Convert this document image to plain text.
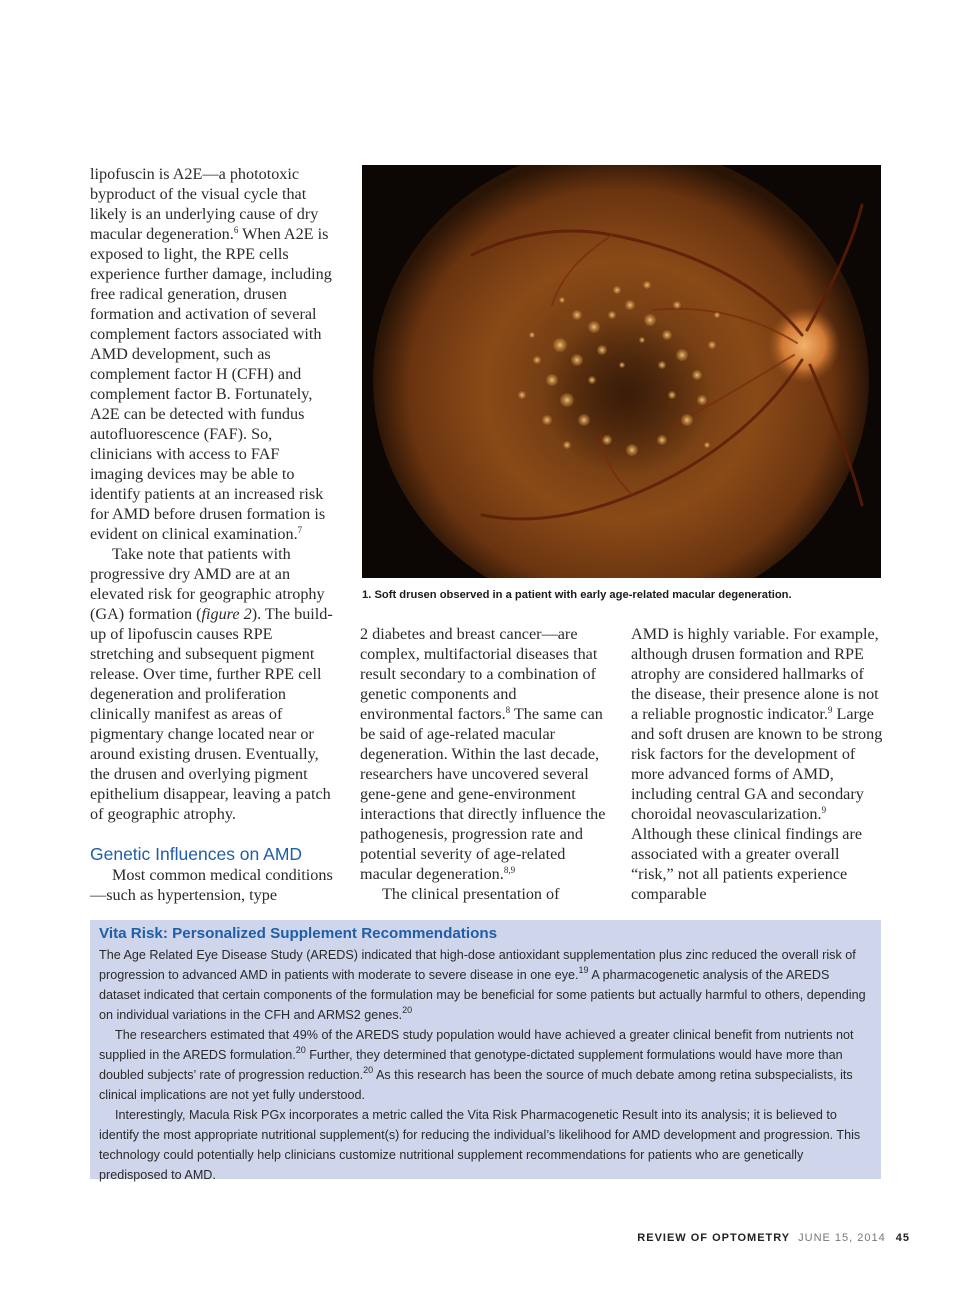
lipofuscin is A2E—a phototoxic byproduct of the visual cycle that likely is an underlying cause of dry macular degeneration.$^6$ When A2E is exposed to light, the RPE cells experience further damage, including free radical generation, drusen formation and activation of several complement factors associated with AMD development, such as complement factor H (CFH) and complement factor B. Fortunately, A2E can be detected with fundus autofluorescence (FAF). So, clinicians with access to FAF imaging devices may be able to identify patients at an increased risk for AMD before drusen formation is evident on clinical examination.$^7$

Take note that patients with progressive dry AMD are at an elevated risk for geographic atrophy (GA) formation (figure 2). The build-up of lipofuscin causes RPE stretching and subsequent pigment release. Over time, further RPE cell degeneration and proliferation clinically manifest as areas of pigmentary change located near or around existing drusen. Eventually, the drusen and overlying pigment epithelium disappear, leaving a patch of geographic atrophy.

Genetic Influences on AMD

Most common medical conditions—such as hypertension, type

1. Soft drusen observed in a patient with early age-related macular degeneration.

2 diabetes and breast cancer—are complex, multifactorial diseases that result secondary to a combination of genetic components and environmental factors.$^8$ The same can be said of age-related macular degeneration. Within the last decade, researchers have uncovered several gene-gene and gene-environment interactions that directly influence the pathogenesis, progression rate and potential severity of age-related macular degeneration.$^{8,9}$

The clinical presentation of

AMD is highly variable. For example, although drusen formation and RPE atrophy are considered hallmarks of the disease, their presence alone is not a reliable prognostic indicator.$^9$ Large and soft drusen are known to be strong risk factors for the development of more advanced forms of AMD, including central GA and secondary choroidal neovascularization.$^9$ Although these clinical findings are associated with a greater overall “risk,” not all patients experience comparable

Vita Risk: Personalized Supplement Recommendations

The Age Related Eye Disease Study (AREDS) indicated that high-dose antioxidant supplementation plus zinc reduced the overall risk of progression to advanced AMD in patients with moderate to severe disease in one eye.$^{19}$ A pharmacogenetic analysis of the AREDS dataset indicated that certain components of the formulation may be beneficial for some patients but actually harmful to others, depending on individual variations in the CFH and ARMS2 genes.$^{20}$

The researchers estimated that 49% of the AREDS study population would have achieved a greater clinical benefit from nutrients not supplied in the AREDS formulation.$^{20}$ Further, they determined that genotype-dictated supplement formulations would have more than doubled subjects’ rate of progression reduction.$^{20}$ As this research has been the source of much debate among retina subspecialists, its clinical implications are not yet fully understood.

Interestingly, Macula Risk PGx incorporates a metric called the Vita Risk Pharmacogenetic Result into its analysis; it is believed to identify the most appropriate nutritional supplement(s) for reducing the individual’s likelihood for AMD development and progression. This technology could potentially help clinicians customize nutritional supplement recommendations for patients who are genetically predisposed to AMD.

REVIEW OF OPTOMETRY JUNE 15, 2014 45
